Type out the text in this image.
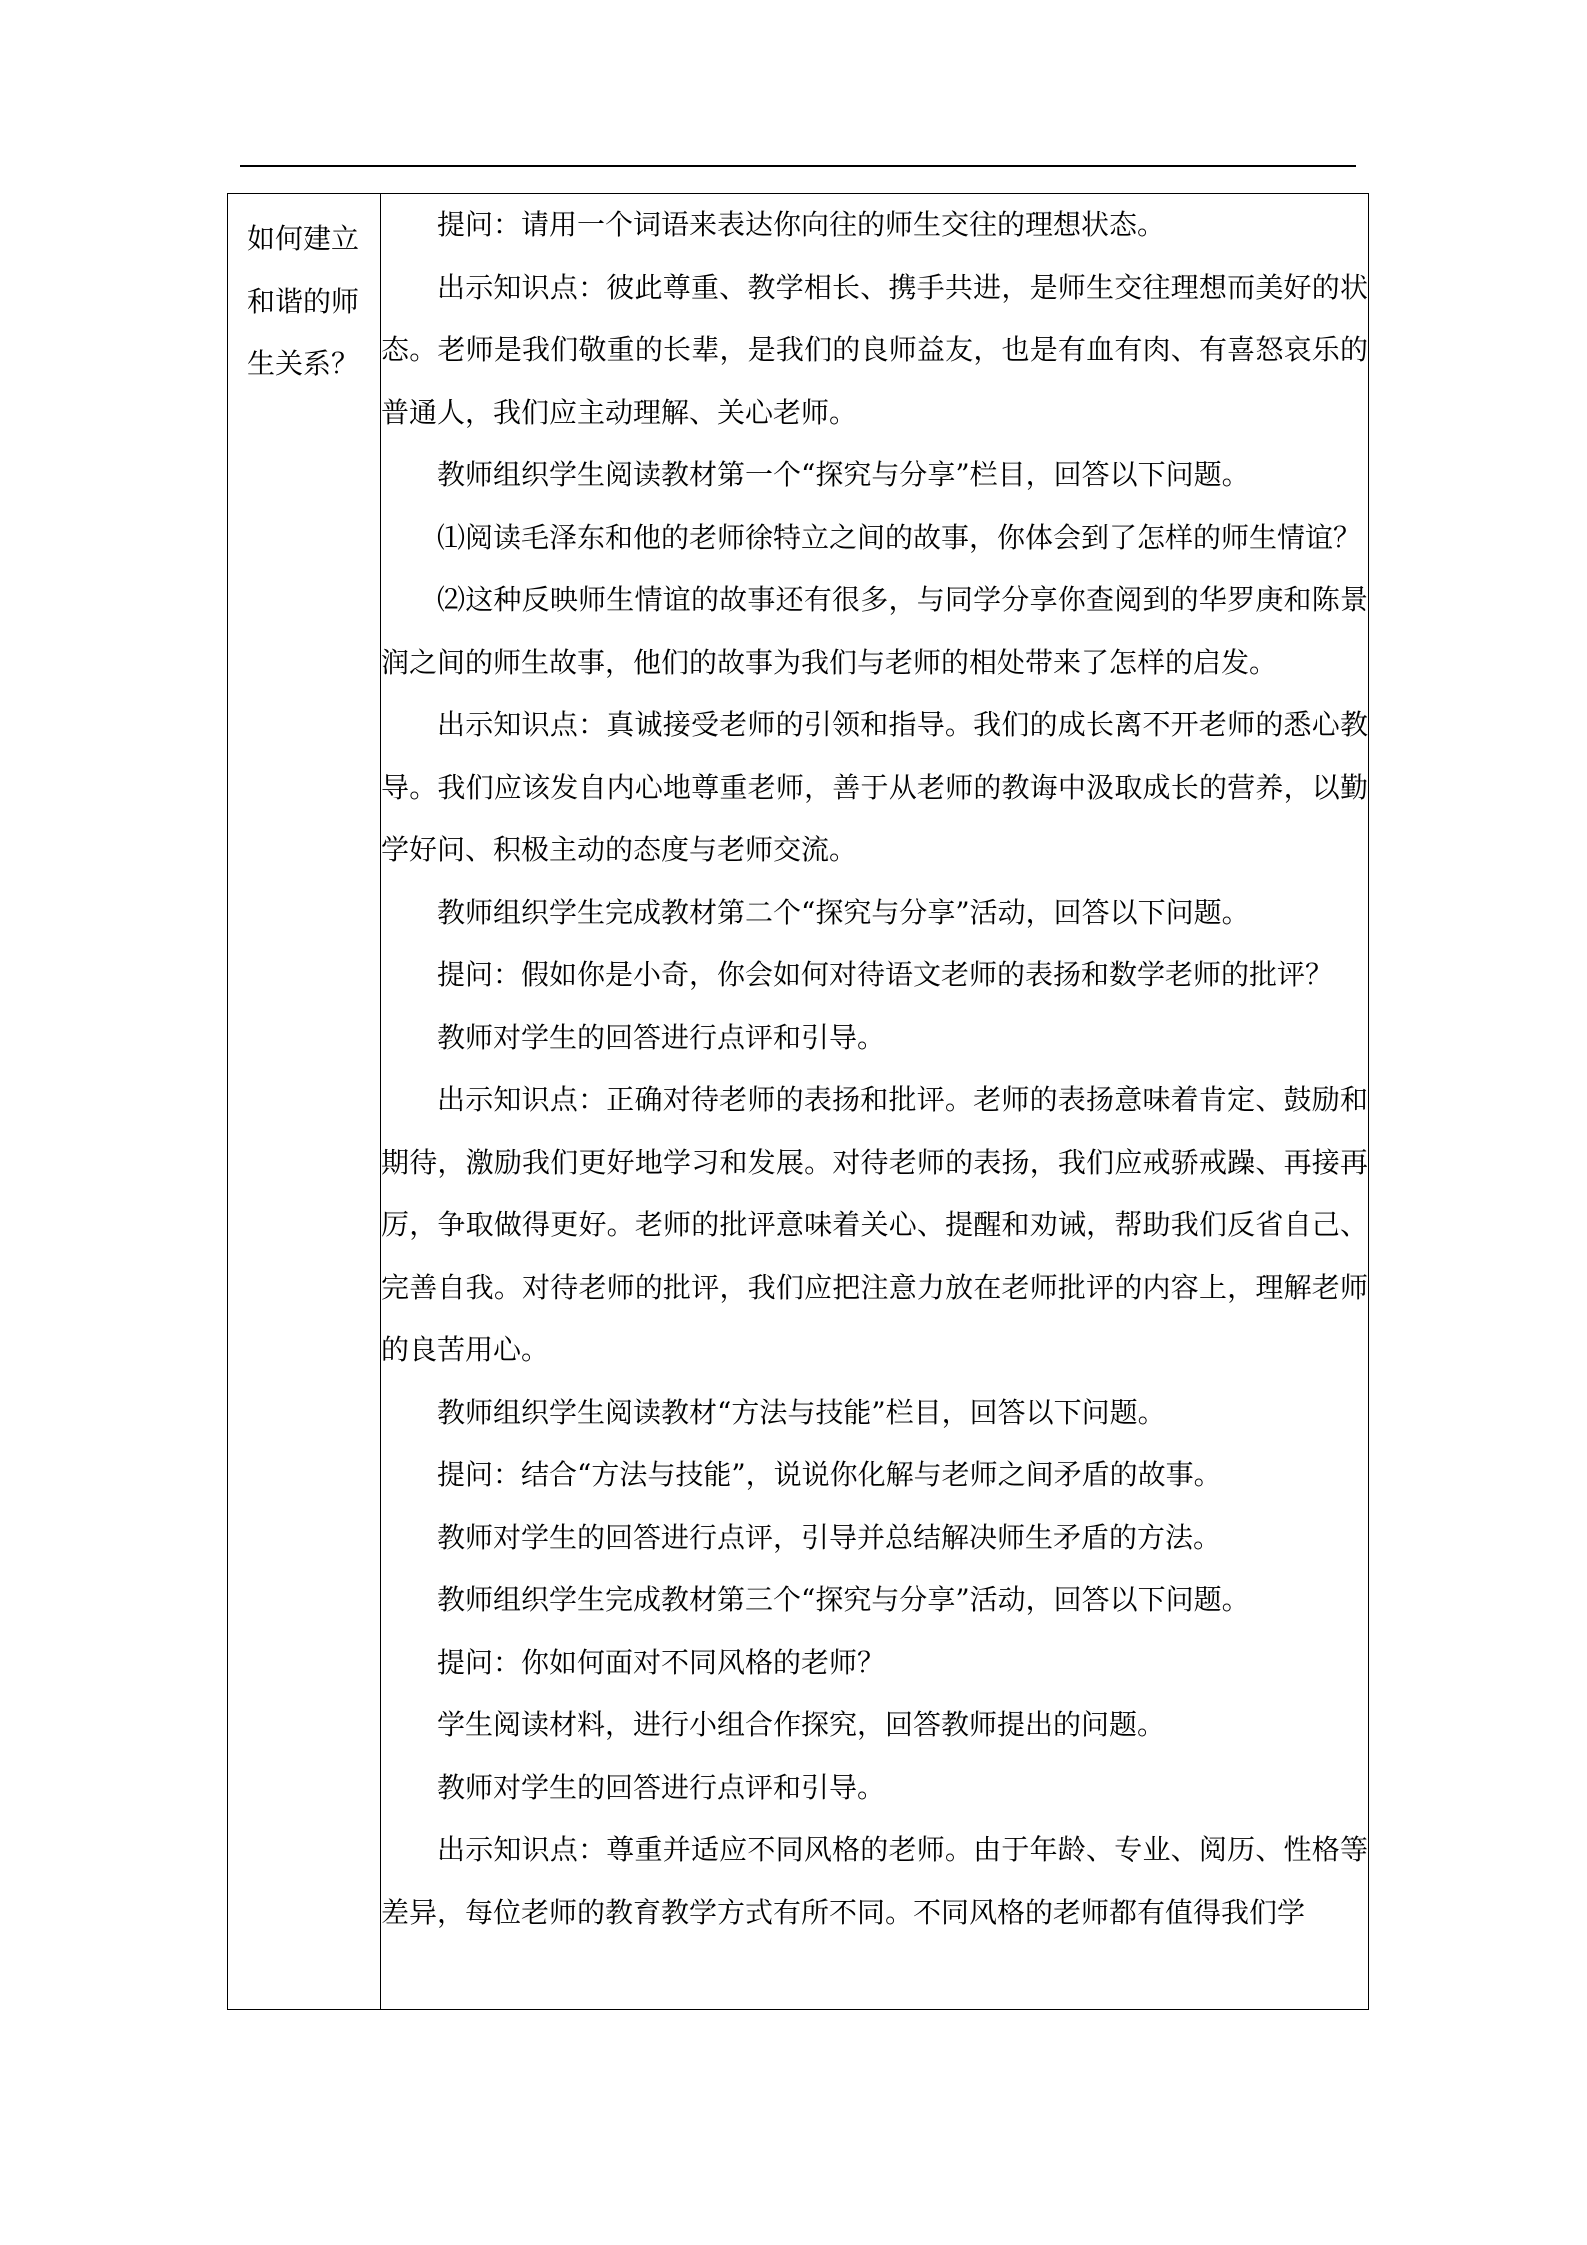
如何建立和谐的师生关系？

提问：请用一个词语来表达你向往的师生交往的理想状态。

出示知识点：彼此尊重、教学相长、携手共进，是师生交往理想而美好的状态。老师是我们敬重的长辈，是我们的良师益友，也是有血有肉、有喜怒哀乐的普通人，我们应主动理解、关心老师。

教师组织学生阅读教材第一个“探究与分享”栏目，回答以下问题。

⑴阅读毛泽东和他的老师徐特立之间的故事，你体会到了怎样的师生情谊？

⑵这种反映师生情谊的故事还有很多，与同学分享你查阅到的华罗庚和陈景润之间的师生故事，他们的故事为我们与老师的相处带来了怎样的启发。

出示知识点：真诚接受老师的引领和指导。我们的成长离不开老师的悉心教导。我们应该发自内心地尊重老师，善于从老师的教诲中汲取成长的营养，以勤学好问、积极主动的态度与老师交流。

教师组织学生完成教材第二个“探究与分享”活动，回答以下问题。

提问：假如你是小奇，你会如何对待语文老师的表扬和数学老师的批评？

教师对学生的回答进行点评和引导。

出示知识点：正确对待老师的表扬和批评。老师的表扬意味着肯定、鼓励和期待，激励我们更好地学习和发展。对待老师的表扬，我们应戒骄戒躁、再接再厉，争取做得更好。老师的批评意味着关心、提醒和劝诫，帮助我们反省自己、完善自我。对待老师的批评，我们应把注意力放在老师批评的内容上，理解老师的良苦用心。

教师组织学生阅读教材“方法与技能”栏目，回答以下问题。

提问：结合“方法与技能”，说说你化解与老师之间矛盾的故事。

教师对学生的回答进行点评，引导并总结解决师生矛盾的方法。

教师组织学生完成教材第三个“探究与分享”活动，回答以下问题。

提问：你如何面对不同风格的老师？

学生阅读材料，进行小组合作探究，回答教师提出的问题。

教师对学生的回答进行点评和引导。

出示知识点：尊重并适应不同风格的老师。由于年龄、专业、阅历、性格等差异，每位老师的教育教学方式有所不同。不同风格的老师都有值得我们学
